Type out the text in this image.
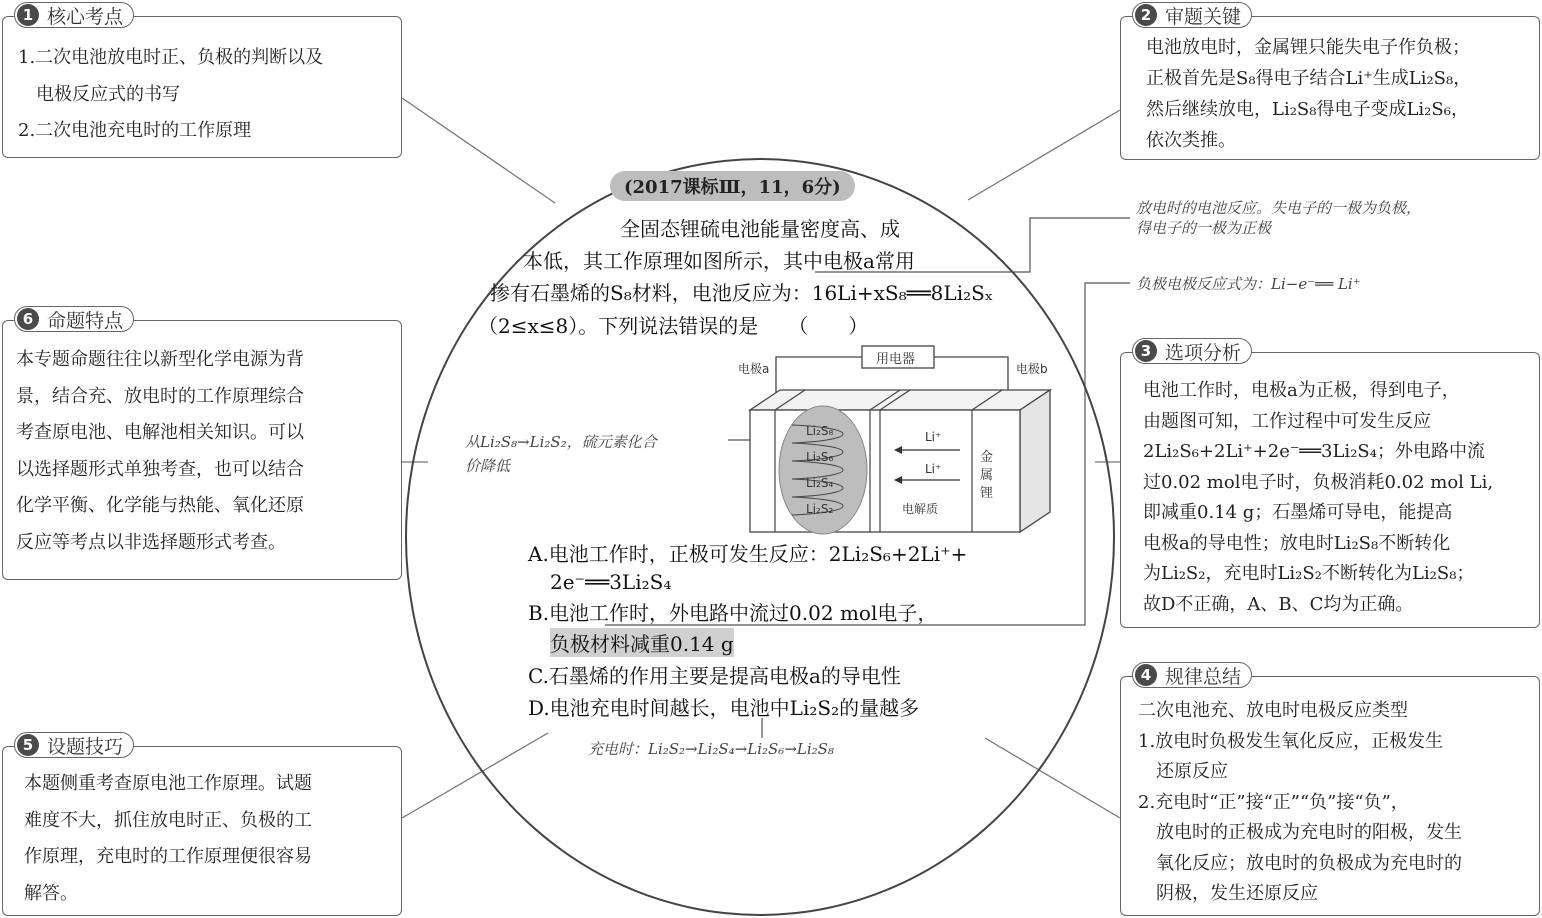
1 核心考点

1.二次电池放电时正、负极的判断以及

电极反应式的书写

2.二次电池充电时的工作原理

2 审题关键

电池放电时，金属锂只能失电子作负极；

正极首先是S₈得电子结合Li⁺生成Li₂S₈，

然后继续放电，Li₂S₈得电子变成Li₂S₆，

依次类推。

3 选项分析

电池工作时，电极a为正极，得到电子，

由题图可知，工作过程中可发生反应

2Li₂S₆+2Li⁺+2e⁻══3Li₂S₄；外电路中流

过0.02 mol电子时，负极消耗0.02 mol Li,

即减重0.14 g；石墨烯可导电，能提高

电极a的导电性；放电时Li₂S₈不断转化

为Li₂S₂，充电时Li₂S₂不断转化为Li₂S₈；

故D不正确，A、B、C均为正确。

4 规律总结

二次电池充、放电时电极反应类型

1.放电时负极发生氧化反应，正极发生

还原反应

2.充电时“正”接“正”“负”接“负”，

放电时的正极成为充电时的阳极，发生

氧化反应；放电时的负极成为充电时的

阴极，发生还原反应

5 设题技巧

本题侧重考查原电池工作原理。试题

难度不大，抓住放电时正、负极的工

作原理，充电时的工作原理便很容易

解答。

6 命题特点

本专题命题往往以新型化学电源为背

景，结合充、放电时的工作原理综合

考查原电池、电解池相关知识。可以

以选择题形式单独考查，也可以结合

化学平衡、化学能与热能、氧化还原

反应等考点以非选择题形式考查。

(2017课标Ⅲ，11，6分)
全固态锂硫电池能量密度高、成
本低，其工作原理如图所示，其中电极a常用
掺有石墨烯的S₈材料，电池反应为：16Li+xS₈══8Li₂Sₓ
（2≤x≤8）。下列说法错误的是　　（　　）
用电器
电极a	电极b
Li₂S₈
Li₂S₆
Li₂S₄
Li₂S₂
Li⁺
Li⁺
电解质
金
属
锂
A.电池工作时，正极可发生反应：2Li₂S₆+2Li⁺+
2e⁻══3Li₂S₄
B.电池工作时，外电路中流过0.02 mol电子，
负极材料减重0.14 g
C.石墨烯的作用主要是提高电极a的导电性
D.电池充电时间越长，电池中Li₂S₂的量越多
放电时的电池反应。失电子的一极为负极，
得电子的一极为正极
负极电极反应式为：Li−e⁻══ Li⁺
从Li₂S₈→Li₂S₂，硫元素化合
价降低
充电时：Li₂S₂→Li₂S₄→Li₂S₆→Li₂S₈
